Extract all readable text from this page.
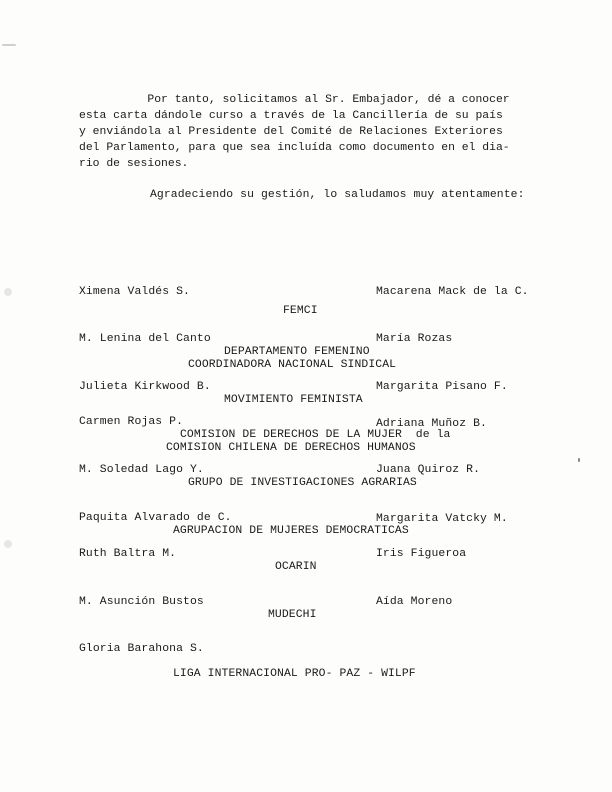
Por tanto, solicitamos al Sr. Embajador, dé a conocer
esta carta dándole curso a través de la Cancillería de su país
y enviándola al Presidente del Comité de Relaciones Exteriores
del Parlamento, para que sea incluída como documento en el dia-
rio de sesiones.
Agradeciendo su gestión, lo saludamos muy atentamente:
Ximena Valdés S.	Macarena Mack de la C.
FEMCI
M. Lenina del Canto	María Rozas
DEPARTAMENTO FEMENINO
COORDINADORA NACIONAL SINDICAL
Julieta Kirkwood B.	Margarita Pisano F.
MOVIMIENTO FEMINISTA
Carmen Rojas P.	Adriana Muñoz B.
COMISION DE DERECHOS DE LA MUJER  de la
COMISION CHILENA DE DERECHOS HUMANOS
M. Soledad Lago Y.	Juana Quiroz R.
GRUPO DE INVESTIGACIONES AGRARIAS
Paquita Alvarado de C.	Margarita Vatcky M.
AGRUPACION DE MUJERES DEMOCRATICAS
Ruth Baltra M.	Iris Figueroa
OCARIN
M. Asunción Bustos	Aída Moreno
MUDECHI
Gloria Barahona S.
LIGA INTERNACIONAL PRO- PAZ - WILPF
